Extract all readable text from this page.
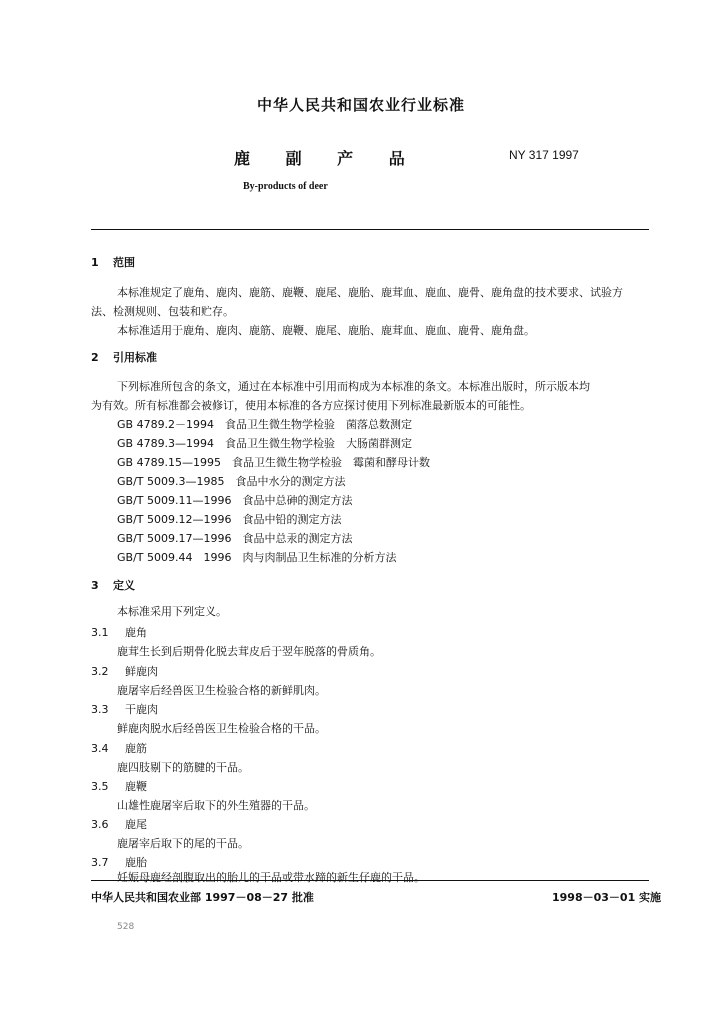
中华人民共和国农业行业标准
鹿 副 产 品	NY 317 1997
By-products of deer
1 范围
本标准规定了鹿角、鹿肉、鹿筋、鹿鞭、鹿尾、鹿胎、鹿茸血、鹿血、鹿骨、鹿角盘的技术要求、试验方
法、检测规则、包装和贮存。
本标准适用于鹿角、鹿肉、鹿筋、鹿鞭、鹿尾、鹿胎、鹿茸血、鹿血、鹿骨、鹿角盘。
2 引用标准
下列标准所包含的条文，通过在本标准中引用而构成为本标准的条文。本标准出版时，所示版本均
为有效。所有标准都会被修订，使用本标准的各方应探讨使用下列标准最新版本的可能性。
GB 4789.2－1994　食品卫生微生物学检验　菌落总数测定
GB 4789.3—1994　食品卫生微生物学检验　大肠菌群测定
GB 4789.15—1995　食品卫生微生物学检验　霉菌和酵母计数
GB/T 5009.3—1985　食品中水分的测定方法
GB/T 5009.11—1996　食品中总砷的测定方法
GB/T 5009.12—1996　食品中铅的测定方法
GB/T 5009.17—1996　食品中总汞的测定方法
GB/T 5009.44　1996　肉与肉制品卫生标准的分析方法
3 定义
本标准采用下列定义。
3.1 鹿角
鹿茸生长到后期骨化脱去茸皮后于翌年脱落的骨质角。
3.2 鲜鹿肉
鹿屠宰后经兽医卫生检验合格的新鲜肌肉。
3.3 干鹿肉
鲜鹿肉脱水后经兽医卫生检验合格的干品。
3.4 鹿筋
鹿四肢剔下的筋腱的干品。
3.5 鹿鞭
山雄性鹿屠宰后取下的外生殖器的干品。
3.6 鹿尾
鹿屠宰后取下的尾的干品。
3.7 鹿胎
妊娠母鹿经剖腹取出的胎儿的干品或带水蹄的新生仔鹿的干品。
中华人民共和国农业部 1997－08－27 批准	1998－03－01 实施
528
